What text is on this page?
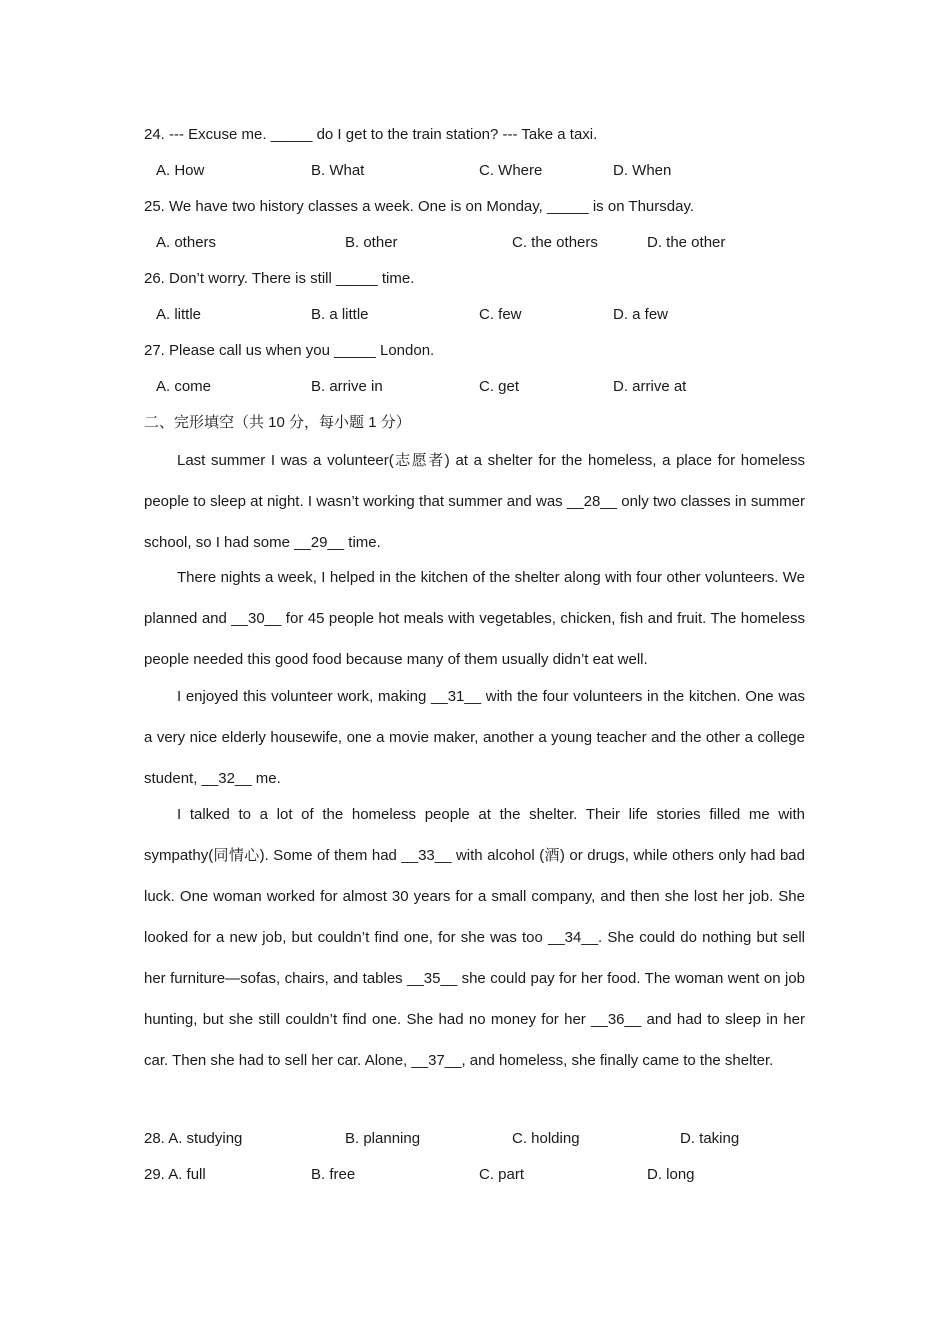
24. --- Excuse me. _____ do I get to the train station? --- Take a taxi.
A. How	B. What	C. Where	D. When
25. We have two history classes a week. One is on Monday, _____ is on Thursday.
A. others	B. other	C. the others	D. the other
26. Don’t worry. There is still _____ time.
A. little	B. a little	C. few	D. a few
27. Please call us when you _____ London.
A. come	B. arrive in	C. get	D. arrive at
二、完形填空（共 10 分，每小题 1 分）
Last summer I was a volunteer(志愿者) at a shelter for the homeless, a place for homeless people to sleep at night. I wasn’t working that summer and was __28__ only two classes in summer school, so I had some __29__ time.
There nights a week, I helped in the kitchen of the shelter along with four other volunteers. We planned and __30__ for 45 people hot meals with vegetables, chicken, fish and fruit. The homeless people needed this good food because many of them usually didn’t eat well.
I enjoyed this volunteer work, making __31__ with the four volunteers in the kitchen. One was a very nice elderly housewife, one a movie maker, another a young teacher and the other a college student, __32__ me.
I talked to a lot of the homeless people at the shelter. Their life stories filled me with sympathy(同情心). Some of them had __33__ with alcohol (酒) or drugs, while others only had bad luck. One woman worked for almost 30 years for a small company, and then she lost her job. She looked for a new job, but couldn’t find one, for she was too __34__. She could do nothing but sell her furniture—sofas, chairs, and tables __35__ she could pay for her food. The woman went on job hunting, but she still couldn’t find one. She had no money for her __36__ and had to sleep in her car. Then she had to sell her car. Alone, __37__, and homeless, she finally came to the shelter.
28. A. studying	B. planning	C. holding	D. taking
29. A. full	B. free	C. part	D. long
